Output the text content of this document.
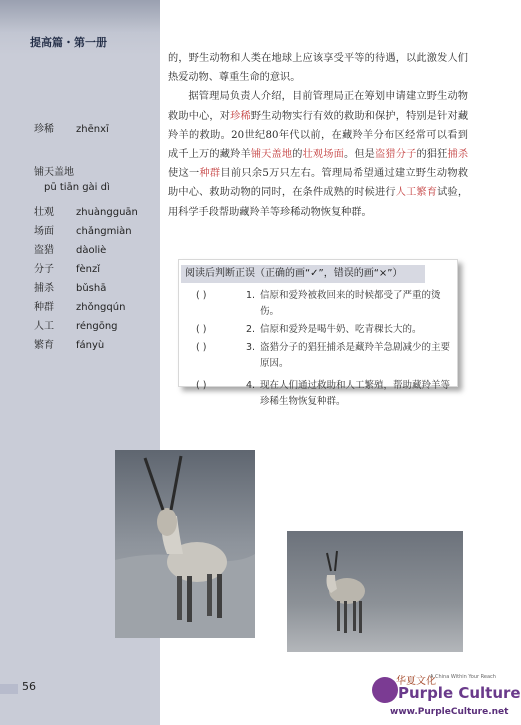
提高篇・第一册
珍稀 zhēnxī
铺天盖地
pū tiān gài dì
壮观 zhuàngguān
场面 chǎngmiàn
盗猎 dàoliè
分子 fènzǐ
捕杀 bǔshā
种群 zhǒngqún
人工 réngōng
繁育 fányù

的，野生动物和人类在地球上应该享受平等的待遇，以此激发人们热爱动物、尊重生命的意识。

据管理局负责人介绍，目前管理局正在筹划申请建立野生动物救助中心，对珍稀野生动物实行有效的救助和保护，特别是针对藏羚羊的救助。20世纪80年代以前，在藏羚羊分布区经常可以看到成千上万的藏羚羊铺天盖地的壮观场面。但是盗猎分子的猖狂捕杀使这一种群目前只余5万只左右。管理局希望通过建立野生动物救助中心、救助动物的同时，在条件成熟的时候进行人工繁育试验，用科学手段帮助藏羚羊等珍稀动物恢复种群。

阅读后判断正误（正确的画“✓”，错误的画“×”）
( )	1. 信原和爱羚被救回来的时候都受了严重的烫伤。
( )	2. 信原和爱羚是喝牛奶、吃青稞长大的。
( )	3. 盗猎分子的猖狂捕杀是藏羚羊急剧减少的主要原因。
( )	4. 现在人们通过救助和人工繁殖，帮助藏羚羊等珍稀生物恢复种群。
56	华夏文化
A China Within Your Reach
Purple Culture
www.PurpleCulture.net
